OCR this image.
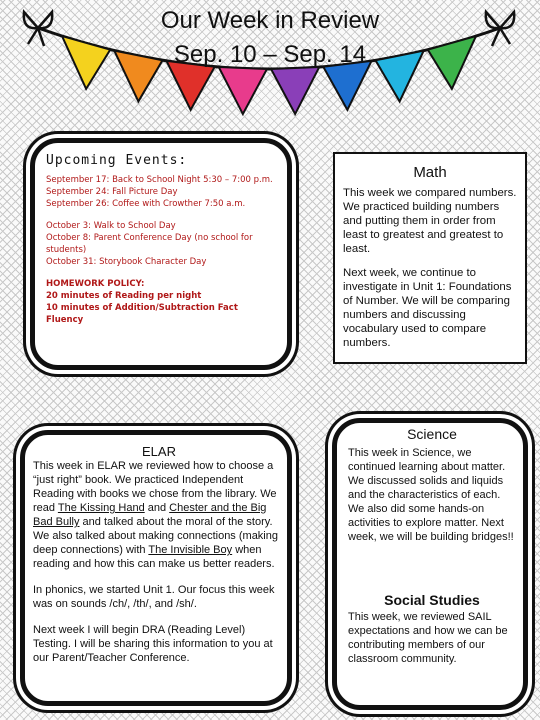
Our Week in Review
Sep. 10 – Sep. 14
Upcoming Events:
September 17: Back to School Night 5:30 – 7:00 p.m.
September 24: Fall Picture Day
September 26: Coffee with Crowther 7:50 a.m.
October 3: Walk to School Day
October 8: Parent Conference Day (no school for students)
October 31: Storybook Character Day
HOMEWORK POLICY:
20 minutes of Reading per night
10 minutes of Addition/Subtraction Fact Fluency
Math
This week we compared numbers. We practiced building numbers and putting them in order from least to greatest and greatest to least.
Next week, we continue to investigate in Unit 1: Foundations of Number. We will be comparing numbers and discussing vocabulary used to compare numbers.
ELAR
This week in ELAR we reviewed how to choose a “just right” book. We practiced Independent Reading with books we chose from the library. We read The Kissing Hand and Chester and the Big Bad Bully and talked about the moral of the story. We also talked about making connections (making deep connections) with The Invisible Boy when reading and how this can make us better readers.
In phonics, we started Unit 1. Our focus this week was on sounds /ch/, /th/, and /sh/.
Next week I will begin DRA (Reading Level) Testing. I will be sharing this information to you at our Parent/Teacher Conference.
Science
This week in Science, we continued learning about matter. We discussed solids and liquids and the characteristics of each. We also did some hands-on activities to explore matter. Next week, we will be building bridges!!
Social Studies
This week, we reviewed SAIL expectations and how we can be contributing members of our classroom community.
